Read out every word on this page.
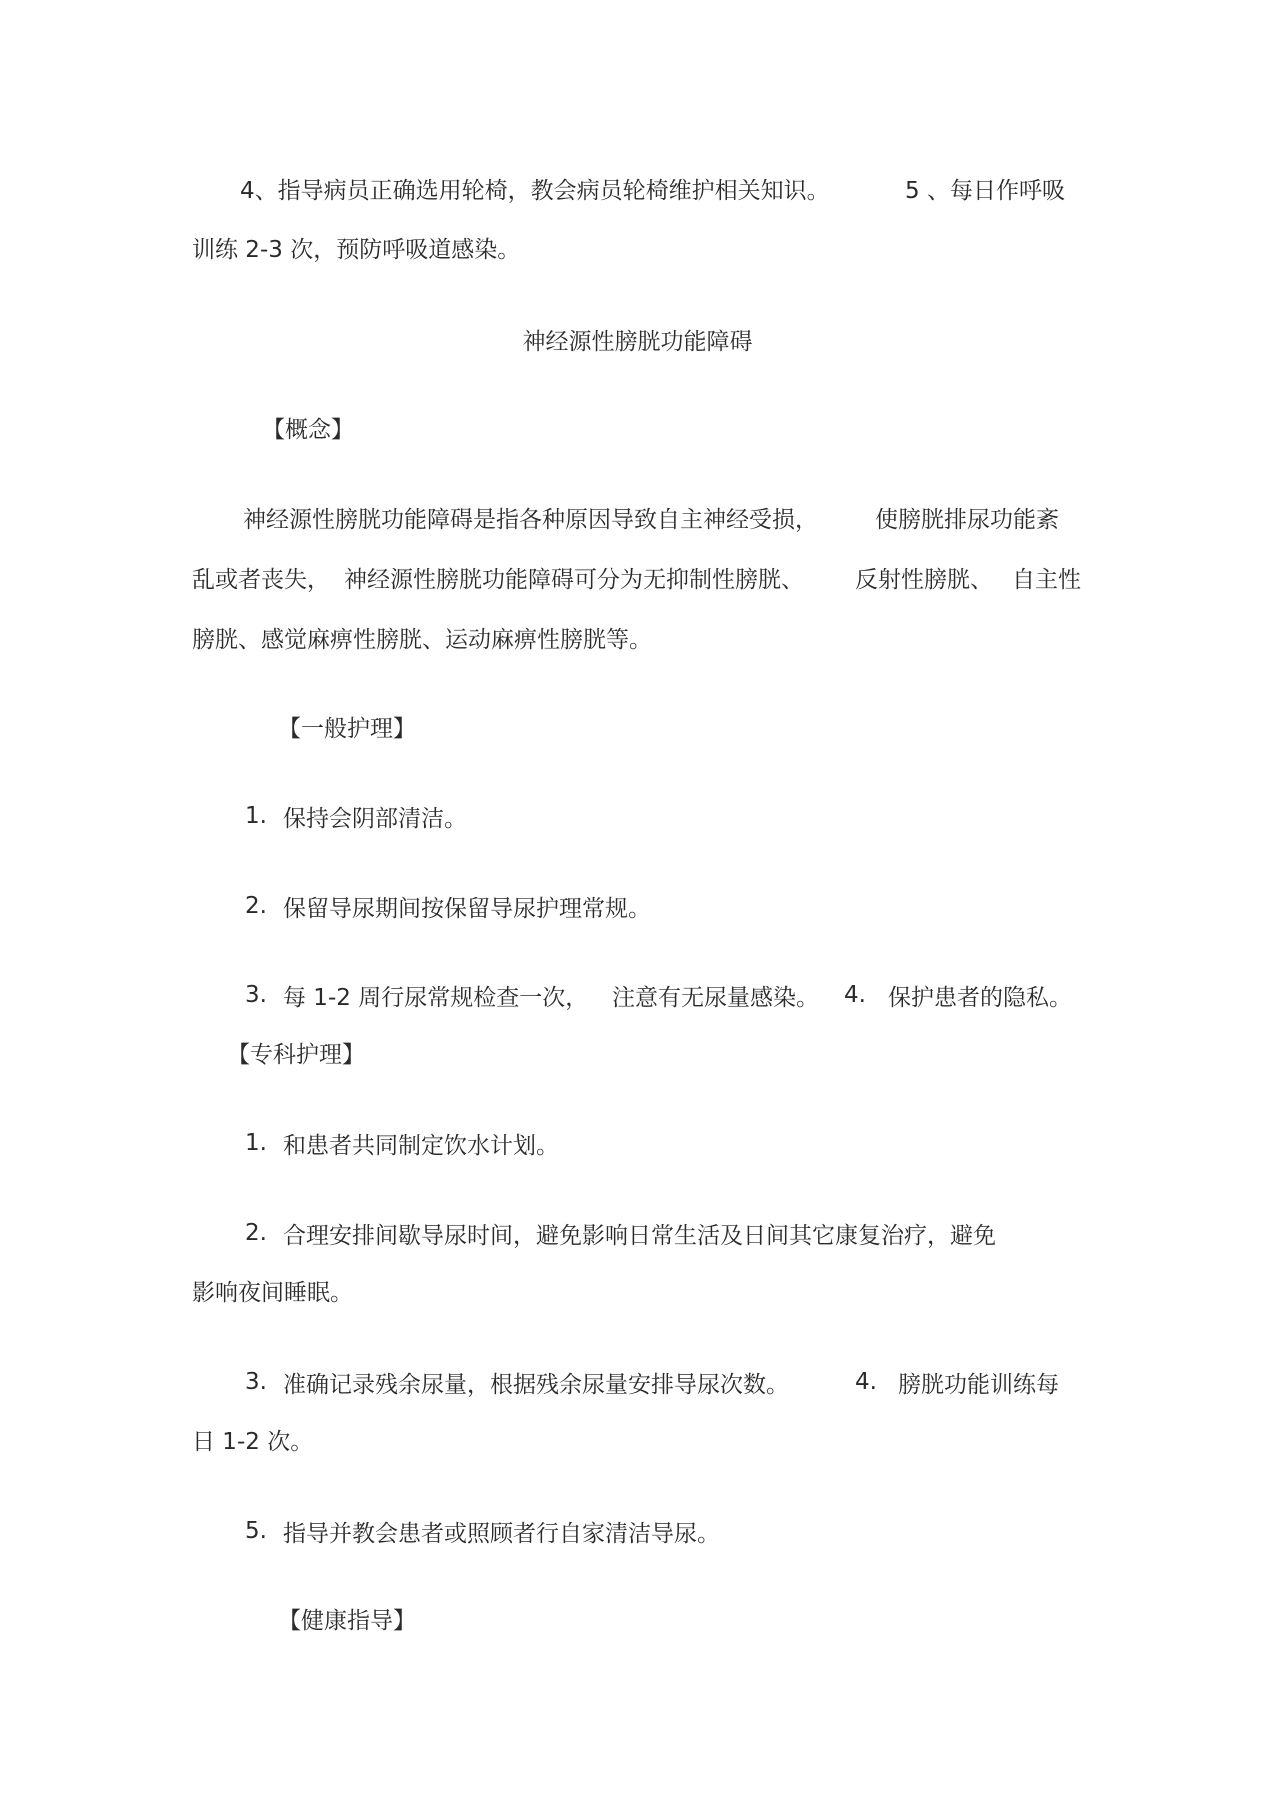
4、指导病员正确选用轮椅，教会病员轮椅维护相关知识。	5 、每日作呼吸
训练 2-3 次，预防呼吸道感染。
神经源性膀胱功能障碍
【概念】
神经源性膀胱功能障碍是指各种原因导致自主神经受损， 使膀胱排尿功能紊
乱或者丧失， 神经源性膀胱功能障碍可分为无抑制性膀胱、 反射性膀胱、 自主性
膀胱、感觉麻痹性膀胱、运动麻痹性膀胱等。
【一般护理】
1. 保持会阴部清洁。
2. 保留导尿期间按保留导尿护理常规。
3. 每 1-2 周行尿常规检查一次， 注意有无尿量感染。 4. 保护患者的隐私。
【专科护理】
1. 和患者共同制定饮水计划。
2. 合理安排间歇导尿时间，避免影响日常生活及日间其它康复治疗，避免
影响夜间睡眠。
3. 准确记录残余尿量，根据残余尿量安排导尿次数。	4. 膀胱功能训练每
日 1-2 次。
5. 指导并教会患者或照顾者行自家清洁导尿。
【健康指导】
